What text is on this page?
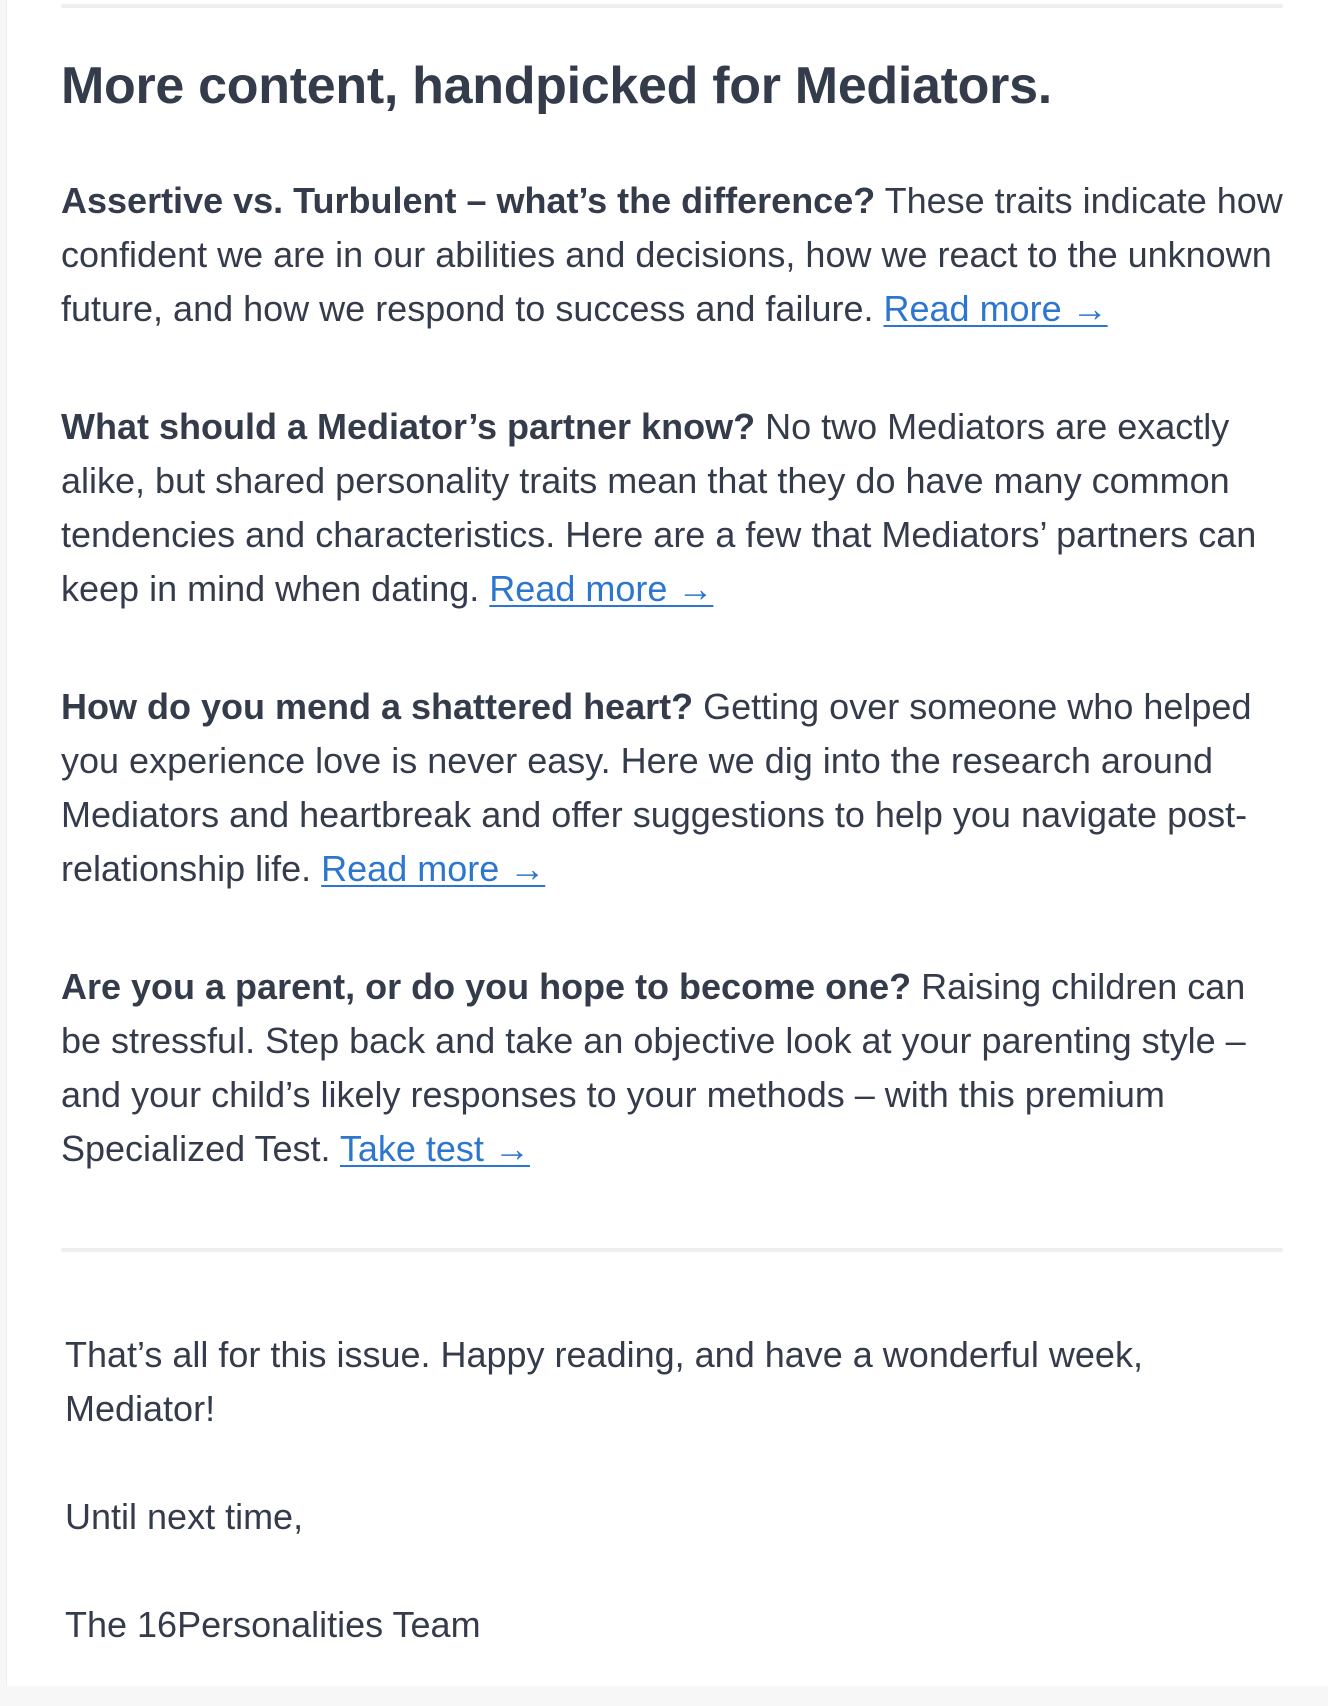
More content, handpicked for Mediators.

Assertive vs. Turbulent – what’s the difference? These traits indicate how confident we are in our abilities and decisions, how we react to the unknown future, and how we respond to success and failure. Read more →

What should a Mediator’s partner know? No two Mediators are exactly alike, but shared personality traits mean that they do have many common tendencies and characteristics. Here are a few that Mediators’ partners can keep in mind when dating. Read more →

How do you mend a shattered heart? Getting over someone who helped you experience love is never easy. Here we dig into the research around Mediators and heartbreak and offer suggestions to help you navigate post-relationship life. Read more →

Are you a parent, or do you hope to become one? Raising children can be stressful. Step back and take an objective look at your parenting style – and your child’s likely responses to your methods – with this premium Specialized Test. Take test →

That’s all for this issue. Happy reading, and have a wonderful week, Mediator!

Until next time,

The 16Personalities Team
